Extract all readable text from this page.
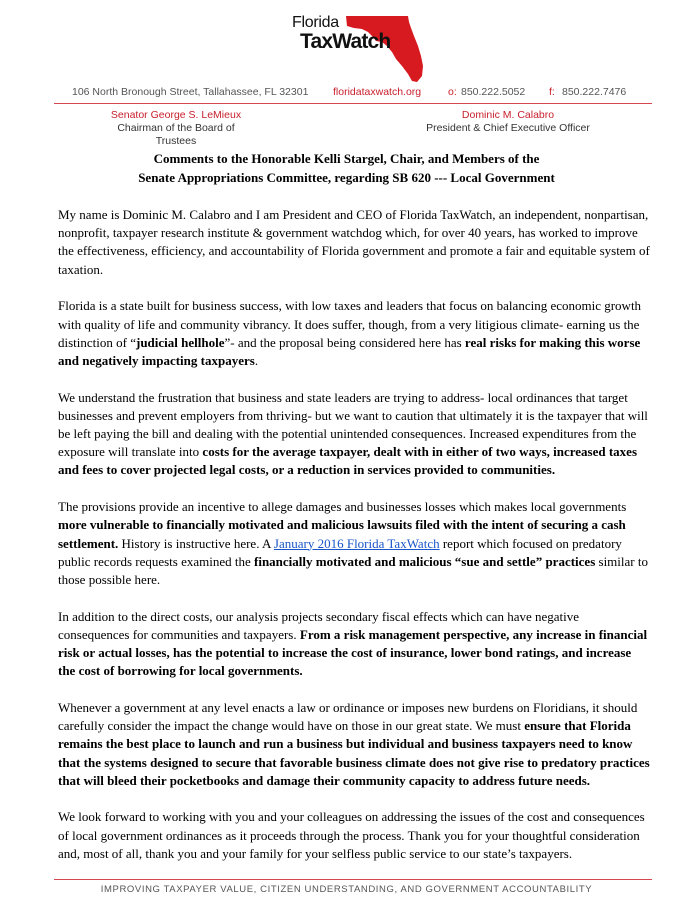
Florida
TaxWatch
106 North Bronough Street, Tallahassee, FL 32301 floridataxwatch.org	o: 850.222.5052 f: 850.222.7476
Senator George S. LeMieux
Chairman of the Board of Trustees
Dominic M. Calabro
President & Chief Executive Officer
Comments to the Honorable Kelli Stargel, Chair, and Members of the
Senate Appropriations Committee, regarding SB 620 --- Local Government

My name is Dominic M. Calabro and I am President and CEO of Florida TaxWatch, an independent, nonpartisan, nonprofit, taxpayer research institute & government watchdog which, for over 40 years, has worked to improve the effectiveness, efficiency, and accountability of Florida government and promote a fair and equitable system of taxation.

Florida is a state built for business success, with low taxes and leaders that focus on balancing economic growth with quality of life and community vibrancy. It does suffer, though, from a very litigious climate- earning us the distinction of “judicial hellhole”- and the proposal being considered here has real risks for making this worse and negatively impacting taxpayers.

We understand the frustration that business and state leaders are trying to address- local ordinances that target businesses and prevent employers from thriving- but we want to caution that ultimately it is the taxpayer that will be left paying the bill and dealing with the potential unintended consequences. Increased expenditures from the exposure will translate into costs for the average taxpayer, dealt with in either of two ways, increased taxes and fees to cover projected legal costs, or a reduction in services provided to communities.

The provisions provide an incentive to allege damages and businesses losses which makes local governments more vulnerable to financially motivated and malicious lawsuits filed with the intent of securing a cash settlement. History is instructive here. A January 2016 Florida TaxWatch report which focused on predatory public records requests examined the financially motivated and malicious “sue and settle” practices similar to those possible here.

In addition to the direct costs, our analysis projects secondary fiscal effects which can have negative consequences for communities and taxpayers. From a risk management perspective, any increase in financial risk or actual losses, has the potential to increase the cost of insurance, lower bond ratings, and increase the cost of borrowing for local governments.

Whenever a government at any level enacts a law or ordinance or imposes new burdens on Floridians, it should carefully consider the impact the change would have on those in our great state. We must ensure that Florida remains the best place to launch and run a business but individual and business taxpayers need to know that the systems designed to secure that favorable business climate does not give rise to predatory practices that will bleed their pocketbooks and damage their community capacity to address future needs.

We look forward to working with you and your colleagues on addressing the issues of the cost and consequences of local government ordinances as it proceeds through the process. Thank you for your thoughtful consideration and, most of all, thank you and your family for your selfless public service to our state’s taxpayers.

IMPROVING TAXPAYER VALUE, CITIZEN UNDERSTANDING, AND GOVERNMENT ACCOUNTABILITY
